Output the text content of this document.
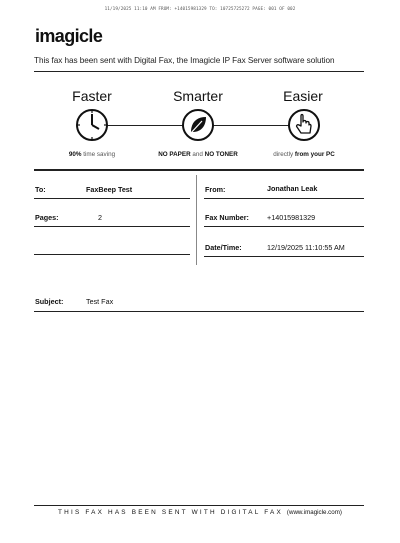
11/19/2025 11:10 AM FROM: +14015981329 TO: 10725725272 PAGE: 001 OF 002
imagicle
This fax has been sent with Digital Fax, the Imagicle IP Fax Server software solution
Faster	Smarter	Easier
90% time saving	NO PAPER and NO TONER	directly from your PC
To:	FaxBeep Test
Pages:	2
From:	Jonathan Leak
Fax Number:	+14015981329
Date/Time:	12/19/2025 11:10:55 AM
Subject:	Test Fax
THIS FAX HAS BEEN SENT WITH DIGITAL FAX (www.imagicle.com)
